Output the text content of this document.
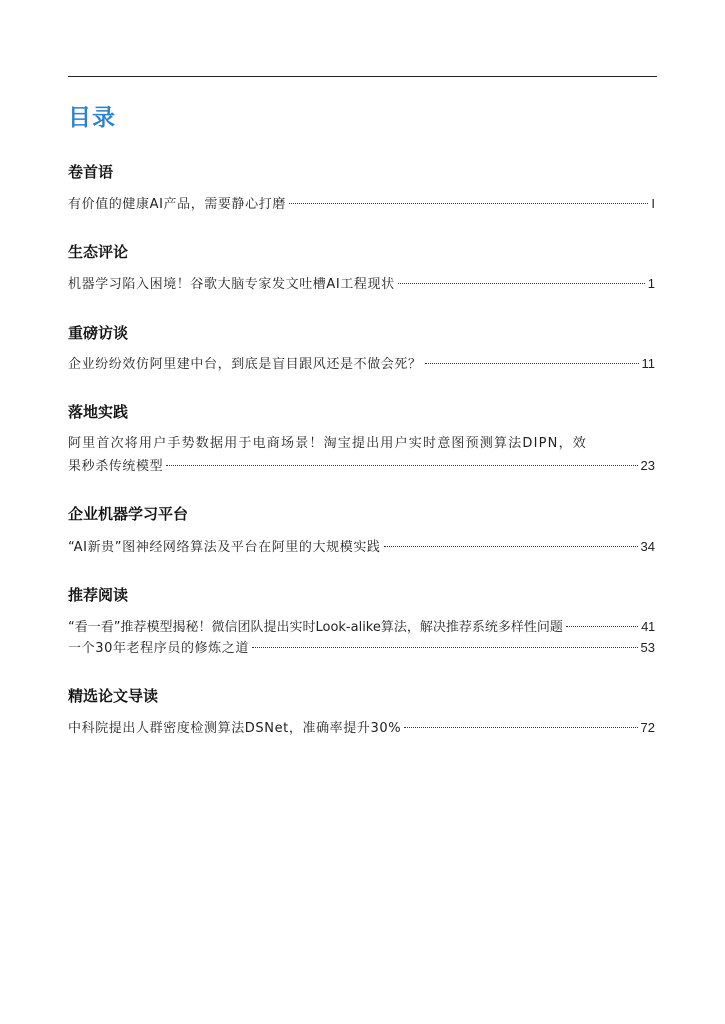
目录
卷首语
有价值的健康AI产品，需要静心打磨	I
生态评论
机器学习陷入困境！谷歌大脑专家发文吐槽AI工程现状	1
重磅访谈
企业纷纷效仿阿里建中台，到底是盲目跟风还是不做会死？	11
落地实践
阿里首次将用户手势数据用于电商场景！淘宝提出用户实时意图预测算法DIPN，效
果秒杀传统模型	23
企业机器学习平台
“AI新贵”图神经网络算法及平台在阿里的大规模实践	34
推荐阅读
“看一看”推荐模型揭秘！微信团队提出实时Look-alike算法，解决推荐系统多样性问题	41
一个30年老程序员的修炼之道	53
精选论文导读
中科院提出人群密度检测算法DSNet，准确率提升30%	72
